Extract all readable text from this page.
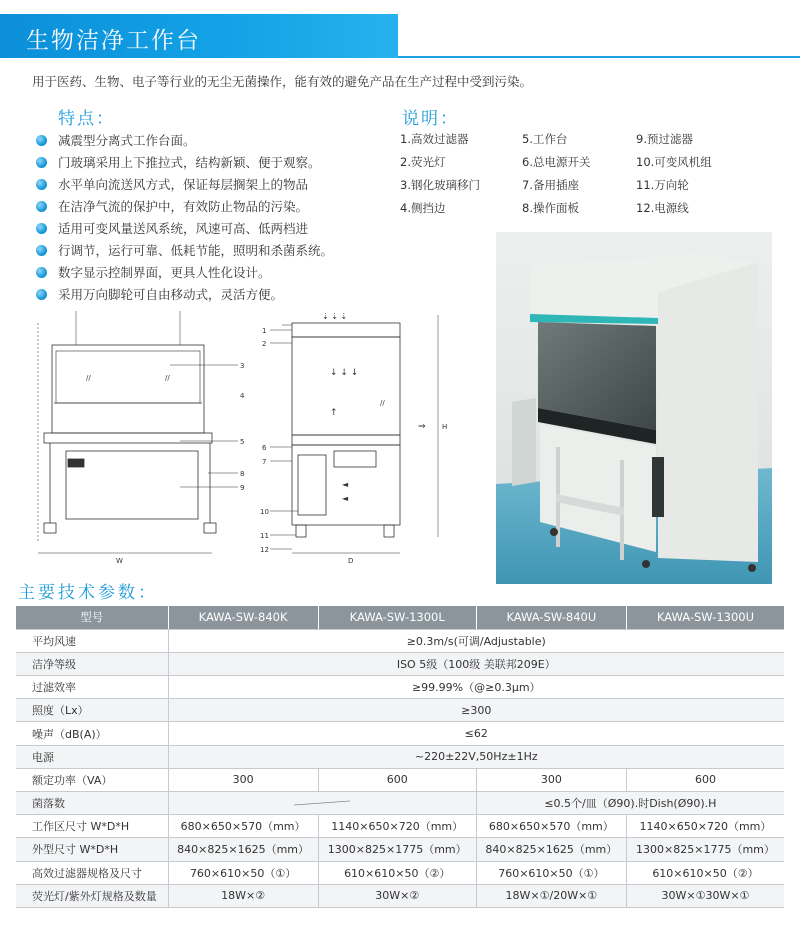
生物洁净工作台
用于医药、生物、电子等行业的无尘无菌操作，能有效的避免产品在生产过程中受到污染。
特点：
减震型分离式工作台面。
门玻璃采用上下推拉式，结构新颖、便于观察。
水平单向流送风方式，保证每层搁架上的物品
在洁净气流的保护中，有效防止物品的污染。
适用可变风量送风系统，风速可高、低两档进
行调节，运行可靠、低耗节能，照明和杀菌系统。
数字显示控制界面，更具人性化设计。
采用万向脚轮可自由移动式，灵活方便。
说明：
1.高效过滤器	5.工作台	9.预过滤器
2.荧光灯	6.总电源开关	10.可变风机组
3.钢化玻璃移门	7.备用插座	11.万向轮
4.侧挡边	8.操作面板	12.电源线
//	//
W
⇣ ⇣ ⇣
↓ ↓ ↓
↑
//
◄
◄
D
H
⇒
1
2
3
4
5
6
7
8
9
10
11
12
主要技术参数：
型号	KAWA-SW-840K	KAWA-SW-1300L	KAWA-SW-840U	KAWA-SW-1300U
平均风速	≥0.3m/s(可调/Adjustable)			
洁净等级	ISO 5级（100级 美联邦209E）			
过滤效率	≥99.99%（@≥0.3μm）			
照度（Lx）	≥300			
噪声（dB(A)）	≤62			
电源	~220±22V,50Hz±1Hz			
额定功率（VA）	300	600	300	600
菌落数			≤0.5个/皿（Ø90).时Dish(Ø90).H	
工作区尺寸 W*D*H	680×650×570（mm）	1140×650×720（mm）	680×650×570（mm）	1140×650×720（mm）
外型尺寸 W*D*H	840×825×1625（mm）	1300×825×1775（mm）	840×825×1625（mm）	1300×825×1775（mm）
高效过滤器规格及尺寸	760×610×50（①）	610×610×50（②）	760×610×50（①）	610×610×50（②）
荧光灯/紫外灯规格及数量	18W×②	30W×②	18W×①/20W×①	30W×①30W×①
